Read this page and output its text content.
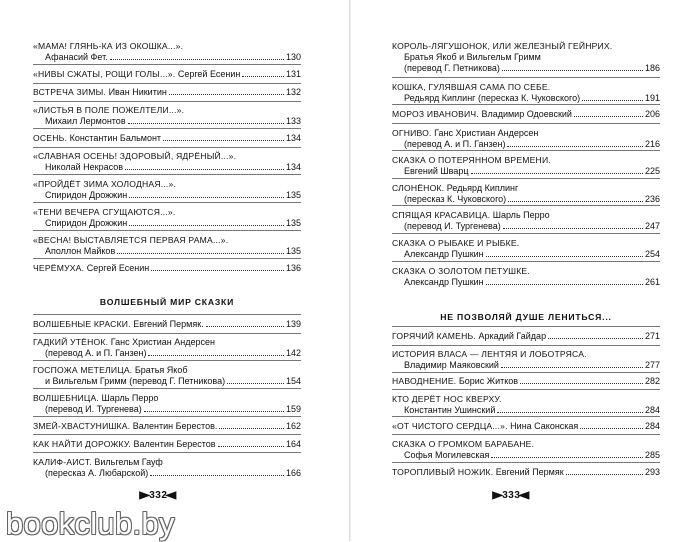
«МАМА! ГЛЯНЬ-КА ИЗ ОКОШКА...».
Афанасий Фет.	130
«НИВЫ СЖАТЫ, РОЩИ ГОЛЫ...». Сергей Есенин	131
ВСТРЕЧА ЗИМЫ. Иван Никитин	132
«ЛИСТЬЯ В ПОЛЕ ПОЖЕЛТЕЛИ...».
Михаил Лермонтов	133
ОСЕНЬ. Константин Бальмонт	134
«СЛАВНАЯ ОСЕНЬ! ЗДОРОВЫЙ, ЯДРЁНЫЙ...».
Николай Некрасов	134
«ПРОЙДЁТ ЗИМА ХОЛОДНАЯ...».
Спиридон Дрожжин	135
«ТЕНИ ВЕЧЕРА СГУЩАЮТСЯ...».
Спиридон Дрожжин	135
«ВЕСНА! ВЫСТАВЛЯЕТСЯ ПЕРВАЯ РАМА...».
Аполлон Майков	135
ЧЕРЁМУХА. Сергей Есенин	136
ВОЛШЕБНЫЙ МИР СКАЗКИ
ВОЛШЕБНЫЕ КРАСКИ. Евгений Пермяк.	139
ГАДКИЙ УТЁНОК. Ганс Христиан Андерсен
(перевод А. и П. Ганзен)	142
ГОСПОЖА МЕТЕЛИЦА. Братья Якоб
и Вильгельм Гримм (перевод Г. Петникова)	154
ВОЛШЕБНИЦА. Шарль Перро
(перевод И. Тургенева)	159
ЗМЕЙ-ХВАСТУНИШКА. Валентин Берестов.	162
КАК НАЙТИ ДОРОЖКУ. Валентин Берестов	164
КАЛИФ-АИСТ. Вильгельм Гауф
(пересказ А. Любарской)	166
▶332◀
КОРОЛЬ-ЛЯГУШОНОК, ИЛИ ЖЕЛЕЗНЫЙ ГЕЙНРИХ.
Братья Якоб и Вильгельм Гримм
(перевод Г. Петникова)	186
КОШКА, ГУЛЯВШАЯ САМА ПО СЕБЕ.
Редьярд Киплинг (пересказ К. Чуковского)	191
МОРОЗ ИВАНОВИЧ. Владимир Одоевский	206
ОГНИВО. Ганс Христиан Андерсен
(перевод А. и П. Ганзен)	216
СКАЗКА О ПОТЕРЯННОМ ВРЕМЕНИ.
Евгений Шварц	225
СЛОНЁНОК. Редьярд Киплинг
(пересказ К. Чуковского)	236
СПЯЩАЯ КРАСАВИЦА. Шарль Перро
(перевод И. Тургенева)	247
СКАЗКА О РЫБАКЕ И РЫБКЕ.
Александр Пушкин	254
СКАЗКА О ЗОЛОТОМ ПЕТУШКЕ.
Александр Пушкин	261
НЕ ПОЗВОЛЯЙ ДУШЕ ЛЕНИТЬСЯ...
ГОРЯЧИЙ КАМЕНЬ. Аркадий Гайдар	271
ИСТОРИЯ ВЛАСА — ЛЕНТЯЯ И ЛОБОТРЯСА.
Владимир Маяковский	277
НАВОДНЕНИЕ. Борис Житков	282
КТО ДЕРЁТ НОС КВЕРХУ.
Константин Ушинский	284
«ОТ ЧИСТОГО СЕРДЦА...». Нина Саконская	284
СКАЗКА О ГРОМКОМ БАРАБАНЕ.
Софья Могилевская	285
ТОРОПЛИВЫЙ НОЖИК. Евгений Пермяк	293
▶333◀
bookclub.by
